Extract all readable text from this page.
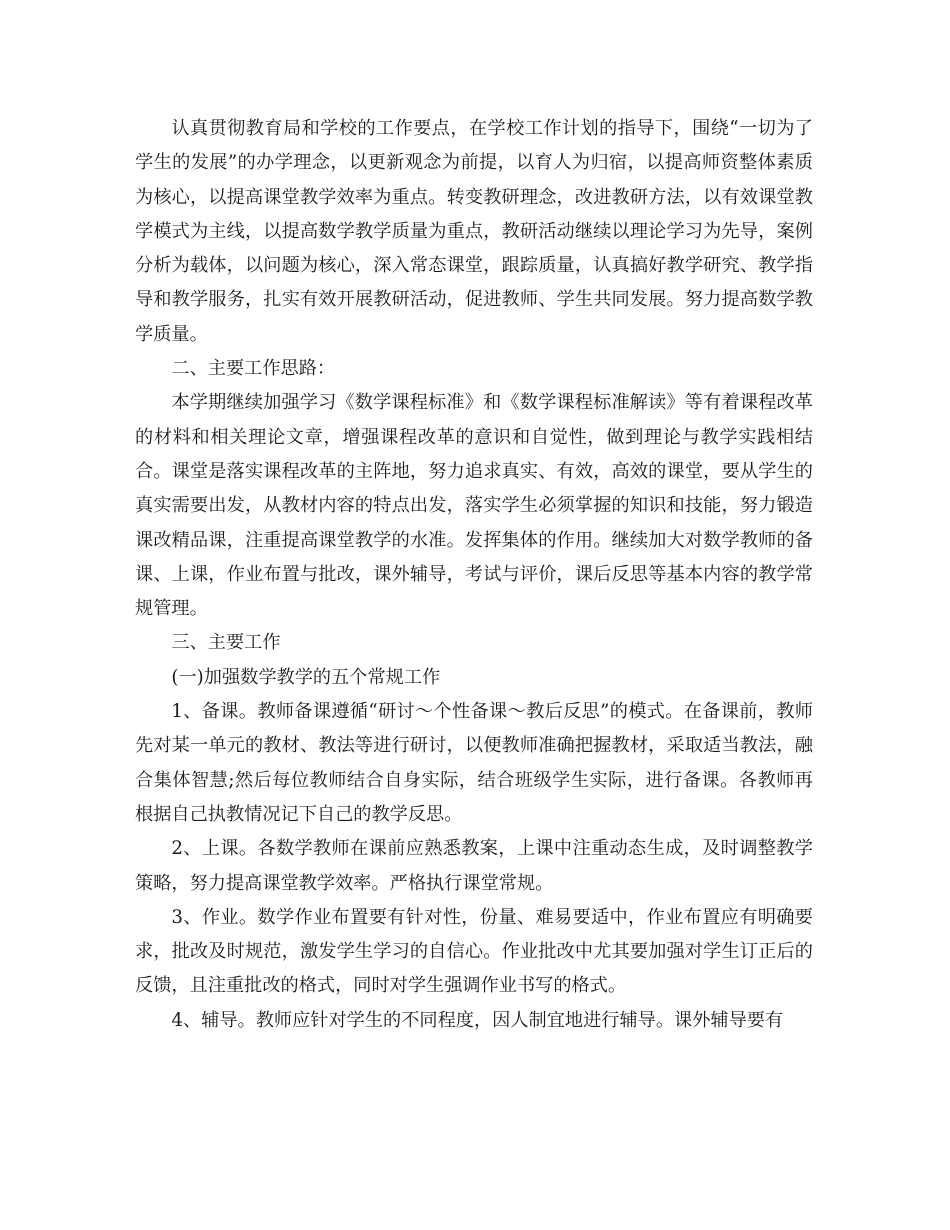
认真贯彻教育局和学校的工作要点，在学校工作计划的指导下，围绕“一切为了学生的发展”的办学理念，以更新观念为前提，以育人为归宿，以提高师资整体素质为核心，以提高课堂教学效率为重点。转变教研理念，改进教研方法，以有效课堂教学模式为主线，以提高数学教学质量为重点，教研活动继续以理论学习为先导，案例分析为载体，以问题为核心，深入常态课堂，跟踪质量，认真搞好教学研究、教学指导和教学服务，扎实有效开展教研活动，促进教师、学生共同发展。努力提高数学教学质量。

二、主要工作思路：

本学期继续加强学习《数学课程标准》和《数学课程标准解读》等有着课程改革的材料和相关理论文章，增强课程改革的意识和自觉性，做到理论与教学实践相结合。课堂是落实课程改革的主阵地，努力追求真实、有效，高效的课堂，要从学生的真实需要出发，从教材内容的特点出发，落实学生必须掌握的知识和技能，努力锻造课改精品课，注重提高课堂教学的水准。发挥集体的作用。继续加大对数学教师的备课、上课，作业布置与批改，课外辅导，考试与评价，课后反思等基本内容的教学常规管理。

三、主要工作

(一)加强数学教学的五个常规工作

1、备课。教师备课遵循“研讨～个性备课～教后反思”的模式。在备课前，教师先对某一单元的教材、教法等进行研讨，以便教师准确把握教材，采取适当教法，融合集体智慧;然后每位教师结合自身实际，结合班级学生实际，进行备课。各教师再根据自己执教情况记下自己的教学反思。

2、上课。各数学教师在课前应熟悉教案，上课中注重动态生成，及时调整教学策略，努力提高课堂教学效率。严格执行课堂常规。

3、作业。数学作业布置要有针对性，份量、难易要适中，作业布置应有明确要求，批改及时规范，激发学生学习的自信心。作业批改中尤其要加强对学生订正后的反馈，且注重批改的格式，同时对学生强调作业书写的格式。

4、辅导。教师应针对学生的不同程度，因人制宜地进行辅导。课外辅导要有
